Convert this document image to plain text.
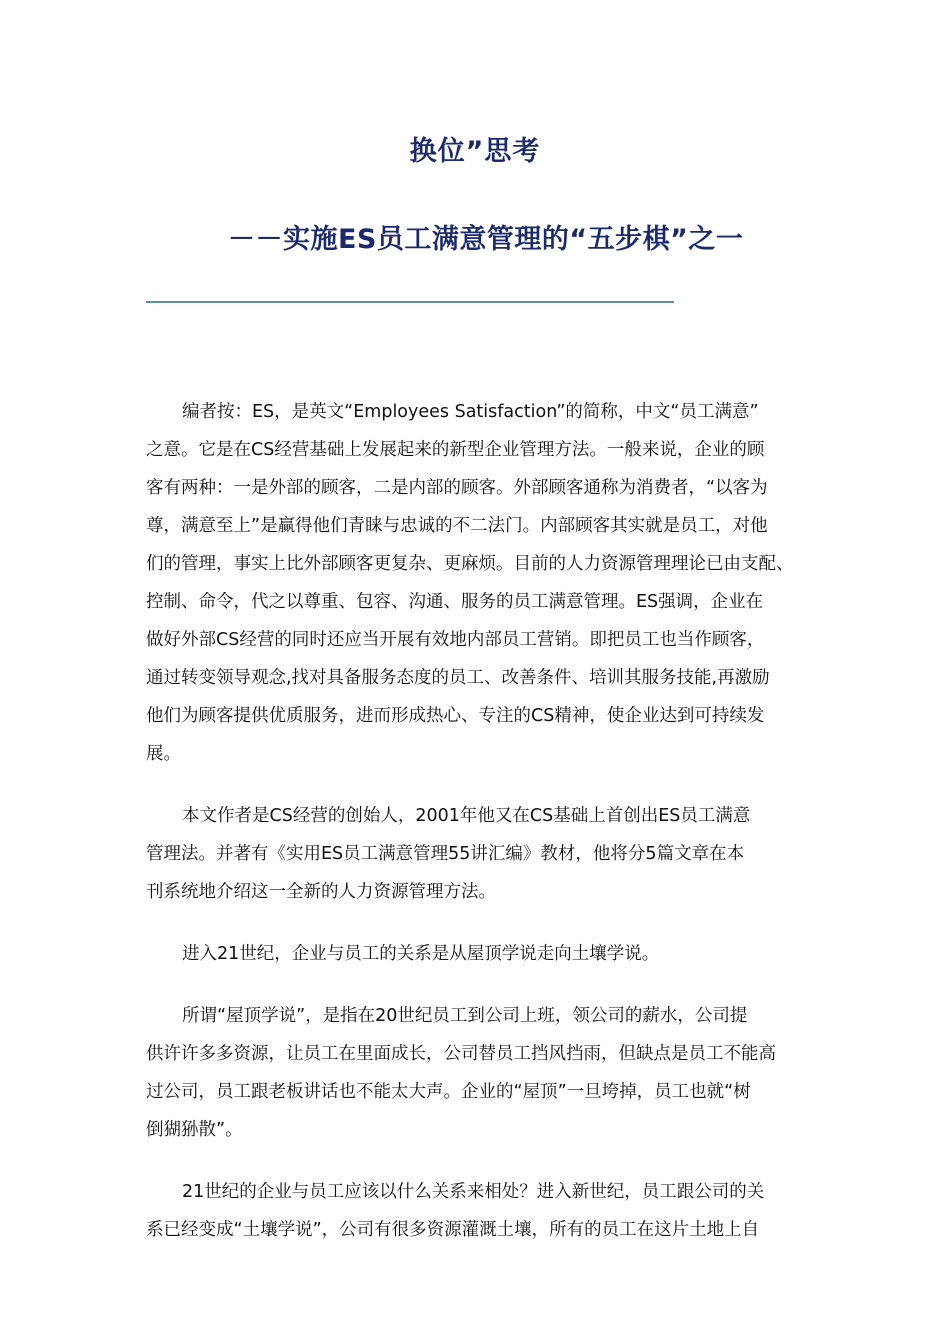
换位”思考
－－实施ES员工满意管理的“五步棋”之一

编者按：ES，是英文“Employees Satisfaction”的简称，中文“员工满意”
之意。它是在CS经营基础上发展起来的新型企业管理方法。一般来说，企业的顾
客有两种：一是外部的顾客，二是内部的顾客。外部顾客通称为消费者，“以客为
尊，满意至上”是赢得他们青睐与忠诚的不二法门。内部顾客其实就是员工，对他
们的管理，事实上比外部顾客更复杂、更麻烦。目前的人力资源管理理论已由支配、
控制、命令，代之以尊重、包容、沟通、服务的员工满意管理。ES强调，企业在
做好外部CS经营的同时还应当开展有效地内部员工营销。即把员工也当作顾客，
通过转变领导观念,找对具备服务态度的员工、改善条件、培训其服务技能,再激励
他们为顾客提供优质服务，进而形成热心、专注的CS精神，使企业达到可持续发
展。

本文作者是CS经营的创始人，2001年他又在CS基础上首创出ES员工满意
管理法。并著有《实用ES员工满意管理55讲汇编》教材，他将分5篇文章在本
刊系统地介绍这一全新的人力资源管理方法。

进入21世纪，企业与员工的关系是从屋顶学说走向土壤学说。

所谓“屋顶学说”，是指在20世纪员工到公司上班，领公司的薪水，公司提
供许许多多资源，让员工在里面成长，公司替员工挡风挡雨，但缺点是员工不能高
过公司，员工跟老板讲话也不能太大声。企业的“屋顶”一旦垮掉，员工也就“树
倒猢狲散”。

21世纪的企业与员工应该以什么关系来相处？进入新世纪，员工跟公司的关
系已经变成“土壤学说”，公司有很多资源灌溉土壤，所有的员工在这片土地上自
